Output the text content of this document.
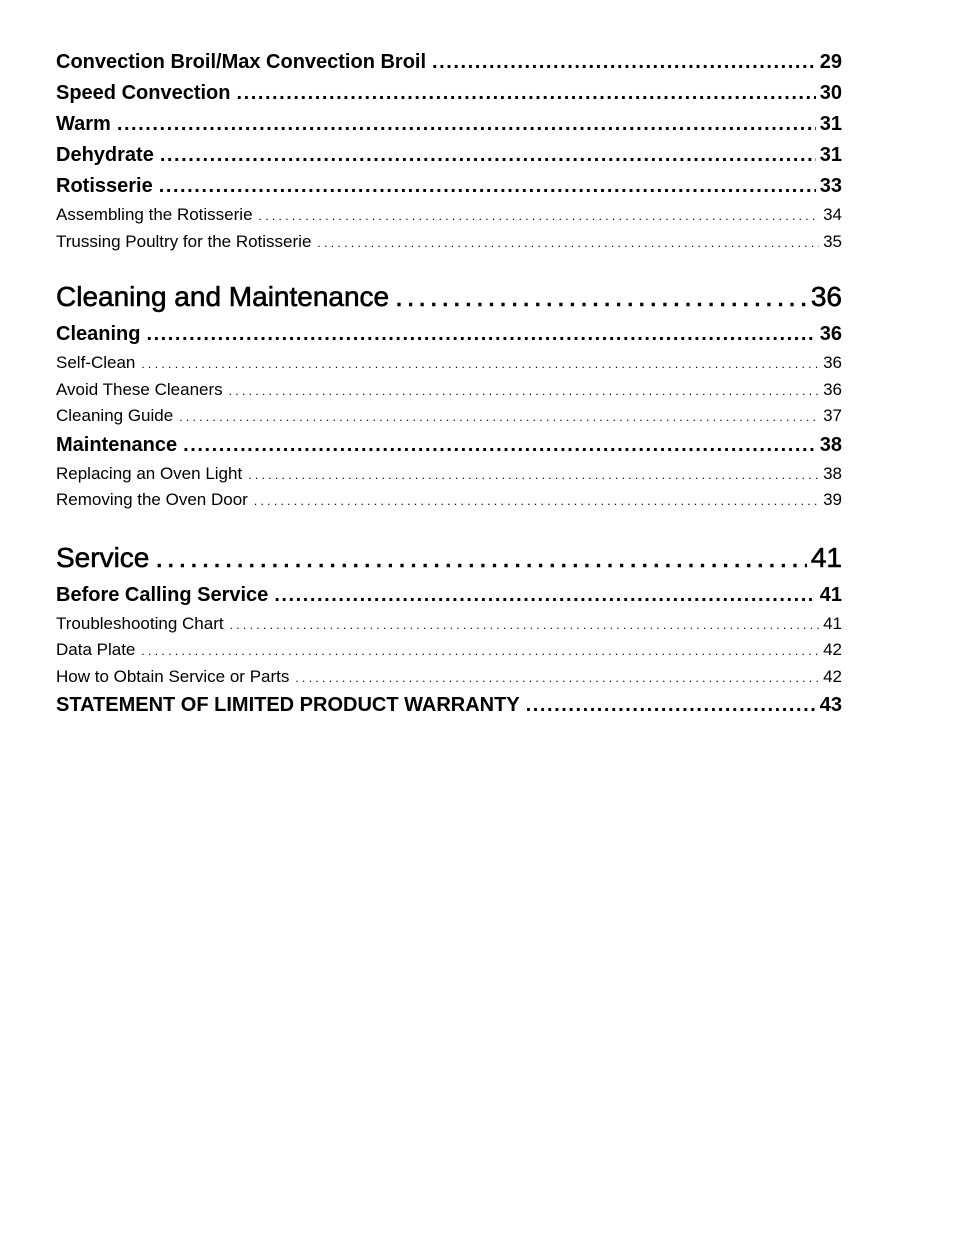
Convection Broil/Max Convection Broil . . .	29
Speed Convection . . .	30
Warm . . .	31
Dehydrate . . .	31
Rotisserie . . .	33
Assembling the Rotisserie . . .	34
Trussing Poultry for the Rotisserie . . .	35
Cleaning and Maintenance . . .	36
Cleaning . . .	36
Self-Clean . . .	36
Avoid These Cleaners . . .	36
Cleaning Guide . . .	37
Maintenance . . .	38
Replacing an Oven Light . . .	38
Removing the Oven Door . . .	39
Service . . .	41
Before Calling Service . . .	41
Troubleshooting Chart . . .	41
Data Plate . . .	42
How to Obtain Service or Parts . . .	42
STATEMENT OF LIMITED PRODUCT WARRANTY . . .	43
